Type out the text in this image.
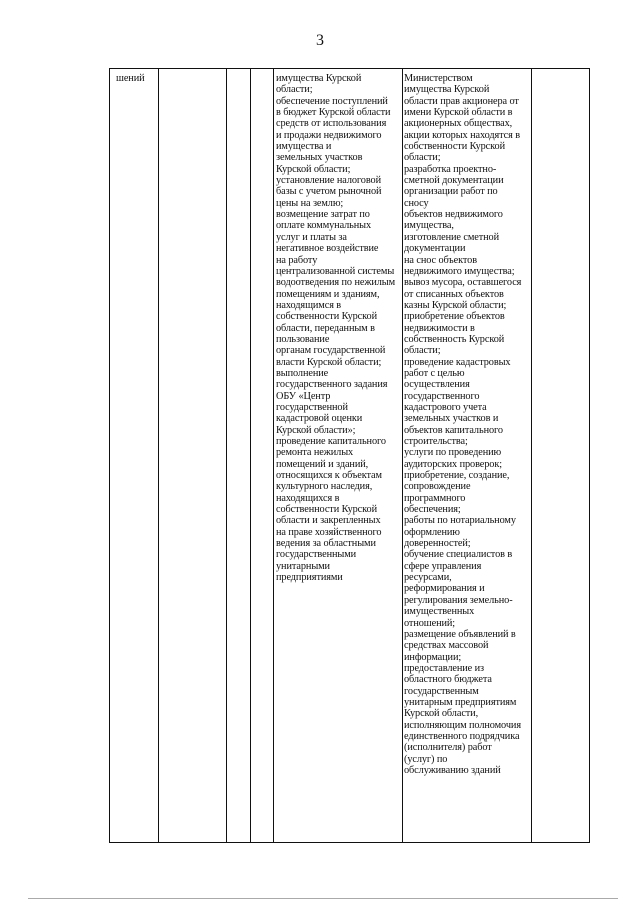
3
шений	имущества Курской
области;
обеспечение поступлений
в бюджет Курской области
средств от использования
и продажи недвижимого
имущества и
земельных участков
Курской области;
установление налоговой
базы с учетом рыночной
цены на землю;
возмещение затрат по
оплате коммунальных
услуг и платы за
негативное воздействие
на работу
централизованной системы
водоотведения по нежилым
помещениям и зданиям,
находящимся в
собственности Курской
области, переданным в
пользование
органам государственной
власти Курской области;
выполнение
государственного задания
ОБУ «Центр
государственной
кадастровой оценки
Курской области»;
проведение капитального
ремонта нежилых
помещений и зданий,
относящихся к объектам
культурного наследия,
находящихся в
собственности Курской
области и закрепленных
на праве хозяйственного
ведения за областными
государственными
унитарными
предприятиями
Министерством
имущества Курской
области прав акционера от
имени Курской области в
акционерных обществах,
акции которых находятся в
собственности Курской
области;
разработка проектно-
сметной документации
организации работ по
сносу
объектов недвижимого
имущества,
изготовление сметной
документации
на снос объектов
недвижимого имущества;
вывоз мусора, оставшегося
от списанных объектов
казны Курской области;
приобретение объектов
недвижимости в
собственность Курской
области;
проведение кадастровых
работ с целью
осуществления
государственного
кадастрового учета
земельных участков и
объектов капитального
строительства;
услуги по проведению
аудиторских проверок;
приобретение, создание,
сопровождение
программного
обеспечения;
работы по нотариальному
оформлению
доверенностей;
обучение специалистов в
сфере управления
ресурсами,
реформирования и
регулирования земельно-
имущественных
отношений;
размещение объявлений в
средствах массовой
информации;
предоставление из
областного бюджета
государственным
унитарным предприятиям
Курской области,
исполняющим полномочия
единственного подрядчика
(исполнителя) работ
(услуг) по
обслуживанию зданий
